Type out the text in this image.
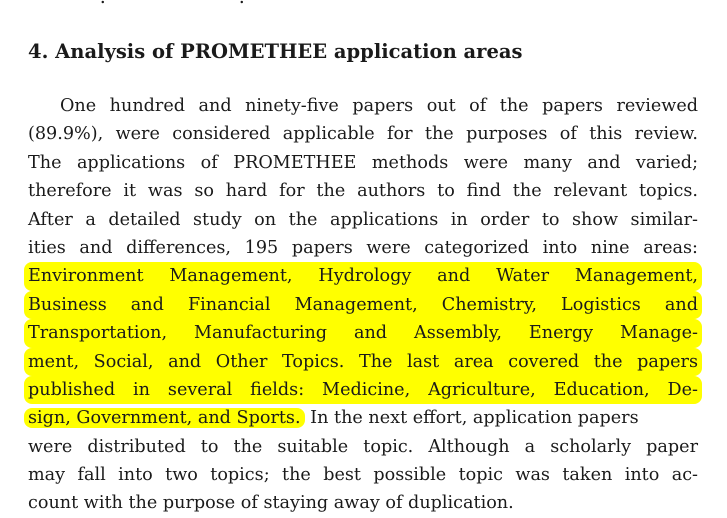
4. Analysis of PROMETHEE application areas
One hundred and ninety-five papers out of the papers reviewed
(89.9%), were considered applicable for the purposes of this review.
The applications of PROMETHEE methods were many and varied;
therefore it was so hard for the authors to find the relevant topics.
After a detailed study on the applications in order to show similar-
ities and differences, 195 papers were categorized into nine areas:
Environment Management, Hydrology and Water Management,
Business and Financial Management, Chemistry, Logistics and
Transportation, Manufacturing and Assembly, Energy Manage-
ment, Social, and Other Topics. The last area covered the papers
published in several fields: Medicine, Agriculture, Education, De-
sign, Government, and Sports. In the next effort, application papers
were distributed to the suitable topic. Although a scholarly paper
may fall into two topics; the best possible topic was taken into ac-
count with the purpose of staying away of duplication.
